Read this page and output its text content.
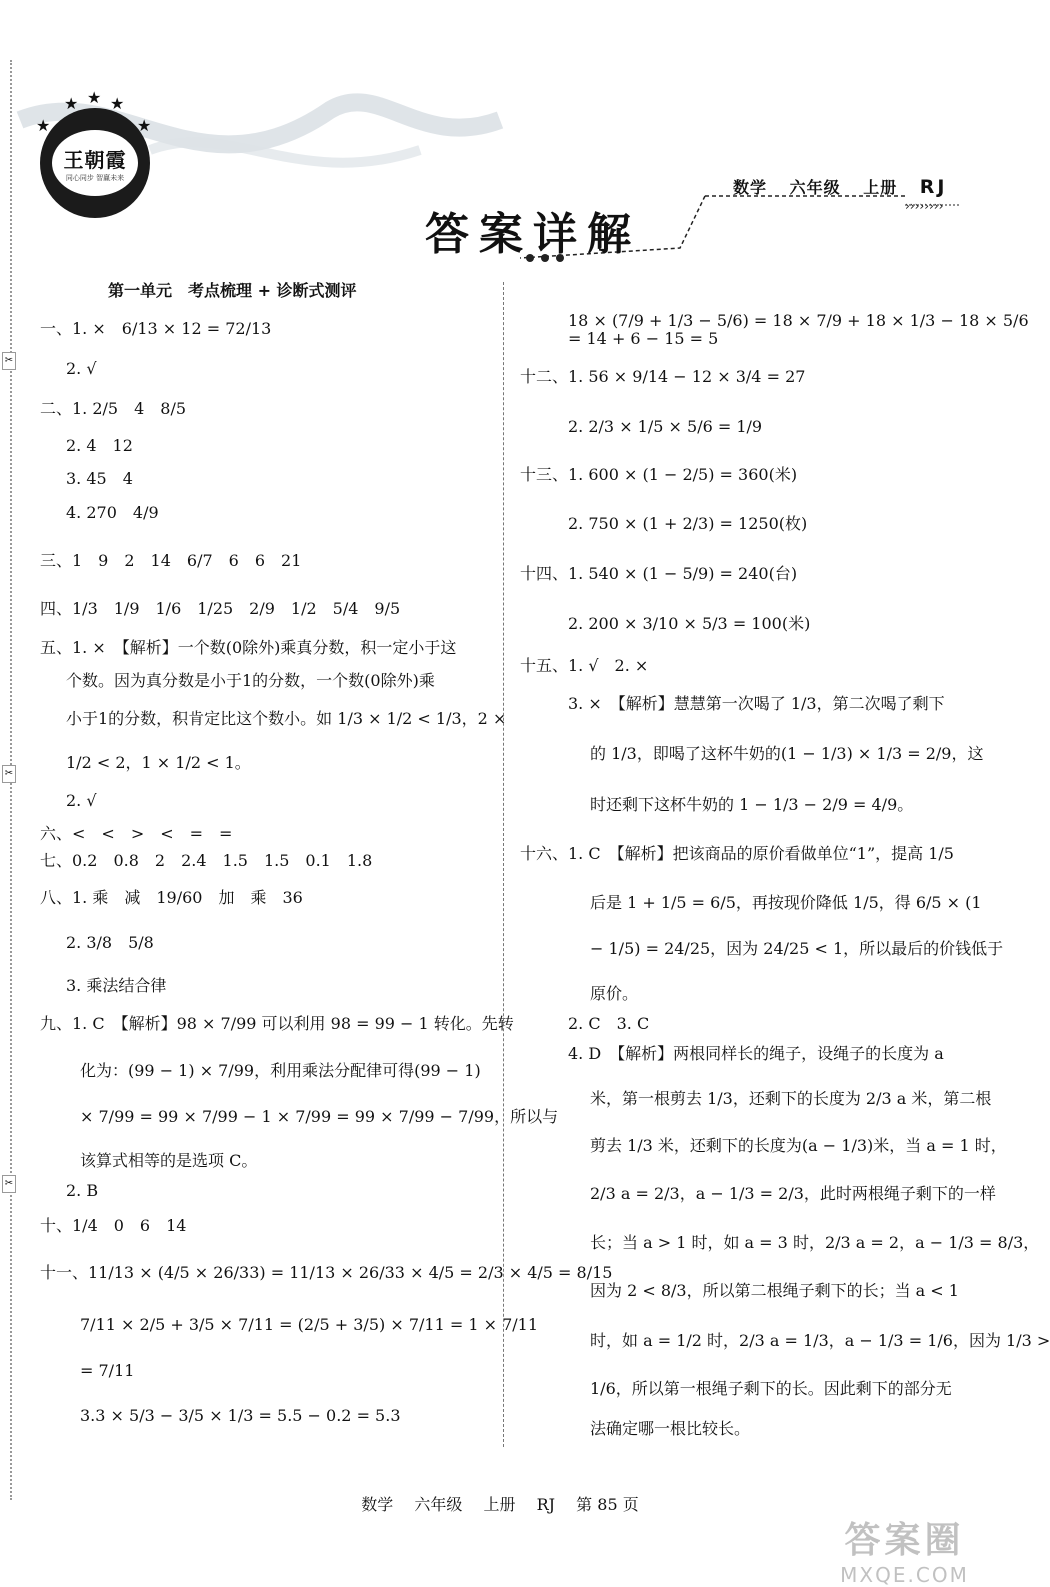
✂
✂
✂
››››››››
★
★ ★ ★
★
王朝霞
同心同步 智赢未来	数学 六年级 上册 RJ
答案详解
第一单元　考点梳理 + 诊断式测评
一、1. ×　6/13 × 12 = 72/13
2. √
二、1. 2/5　4　8/5
2. 4　12
3. 45　4
4. 270　4/9
三、1　9　2　14　6/7　6　6　21
四、1/3　1/9　1/6　1/25　2/9　1/2　5/4　9/5
五、1. ×　【解析】一个数(0除外)乘真分数，积一定小于这
个数。因为真分数是小于1的分数，一个数(0除外)乘
小于1的分数，积肯定比这个数小。如 1/3 × 1/2 < 1/3，2 ×
1/2 < 2，1 × 1/2 < 1。
2. √
六、<　<　>　<　=　=
七、0.2　0.8　2　2.4　1.5　1.5　0.1　1.8
八、1. 乘　减　19/60　加　乘　36
2. 3/8　5/8
3. 乘法结合律
九、1. C　【解析】98 × 7/99 可以利用 98 = 99 − 1 转化。先转
化为：(99 − 1) × 7/99，利用乘法分配律可得(99 − 1)
× 7/99 = 99 × 7/99 − 1 × 7/99 = 99 × 7/99 − 7/99，所以与
该算式相等的是选项 C。
2. B
十、1/4　0　6　14
十一、11/13 × (4/5 × 26/33) = 11/13 × 26/33 × 4/5 = 2/3 × 4/5 = 8/15
7/11 × 2/5 + 3/5 × 7/11 = (2/5 + 3/5) × 7/11 = 1 × 7/11
= 7/11
3.3 × 5/3 − 3/5 × 1/3 = 5.5 − 0.2 = 5.3
18 × (7/9 + 1/3 − 5/6) = 18 × 7/9 + 18 × 1/3 − 18 × 5/6
= 14 + 6 − 15 = 5
十二、1. 56 × 9/14 − 12 × 3/4 = 27
2. 2/3 × 1/5 × 5/6 = 1/9
十三、1. 600 × (1 − 2/5) = 360(米)
2. 750 × (1 + 2/3) = 1250(枚)
十四、1. 540 × (1 − 5/9) = 240(台)
2. 200 × 3/10 × 5/3 = 100(米)
十五、1. √　2. ×
3. ×　【解析】慧慧第一次喝了 1/3，第二次喝了剩下
的 1/3，即喝了这杯牛奶的(1 − 1/3) × 1/3 = 2/9，这
时还剩下这杯牛奶的 1 − 1/3 − 2/9 = 4/9。
十六、1. C　【解析】把该商品的原价看做单位“1”，提高 1/5
后是 1 + 1/5 = 6/5，再按现价降低 1/5，得 6/5 × (1
− 1/5) = 24/25，因为 24/25 < 1，所以最后的价钱低于
原价。
2. C　3. C
4. D　【解析】两根同样长的绳子，设绳子的长度为 a
米，第一根剪去 1/3，还剩下的长度为 2/3 a 米，第二根
剪去 1/3 米，还剩下的长度为(a − 1/3)米，当 a = 1 时，
2/3 a = 2/3，a − 1/3 = 2/3，此时两根绳子剩下的一样
长；当 a > 1 时，如 a = 3 时，2/3 a = 2，a − 1/3 = 8/3，
因为 2 < 8/3，所以第二根绳子剩下的长；当 a < 1
时，如 a = 1/2 时，2/3 a = 1/3，a − 1/3 = 1/6，因为 1/3 >
1/6，所以第一根绳子剩下的长。因此剩下的部分无
法确定哪一根比较长。
数学 六年级 上册 RJ 第 85 页
答案圈
MXQE.COM
